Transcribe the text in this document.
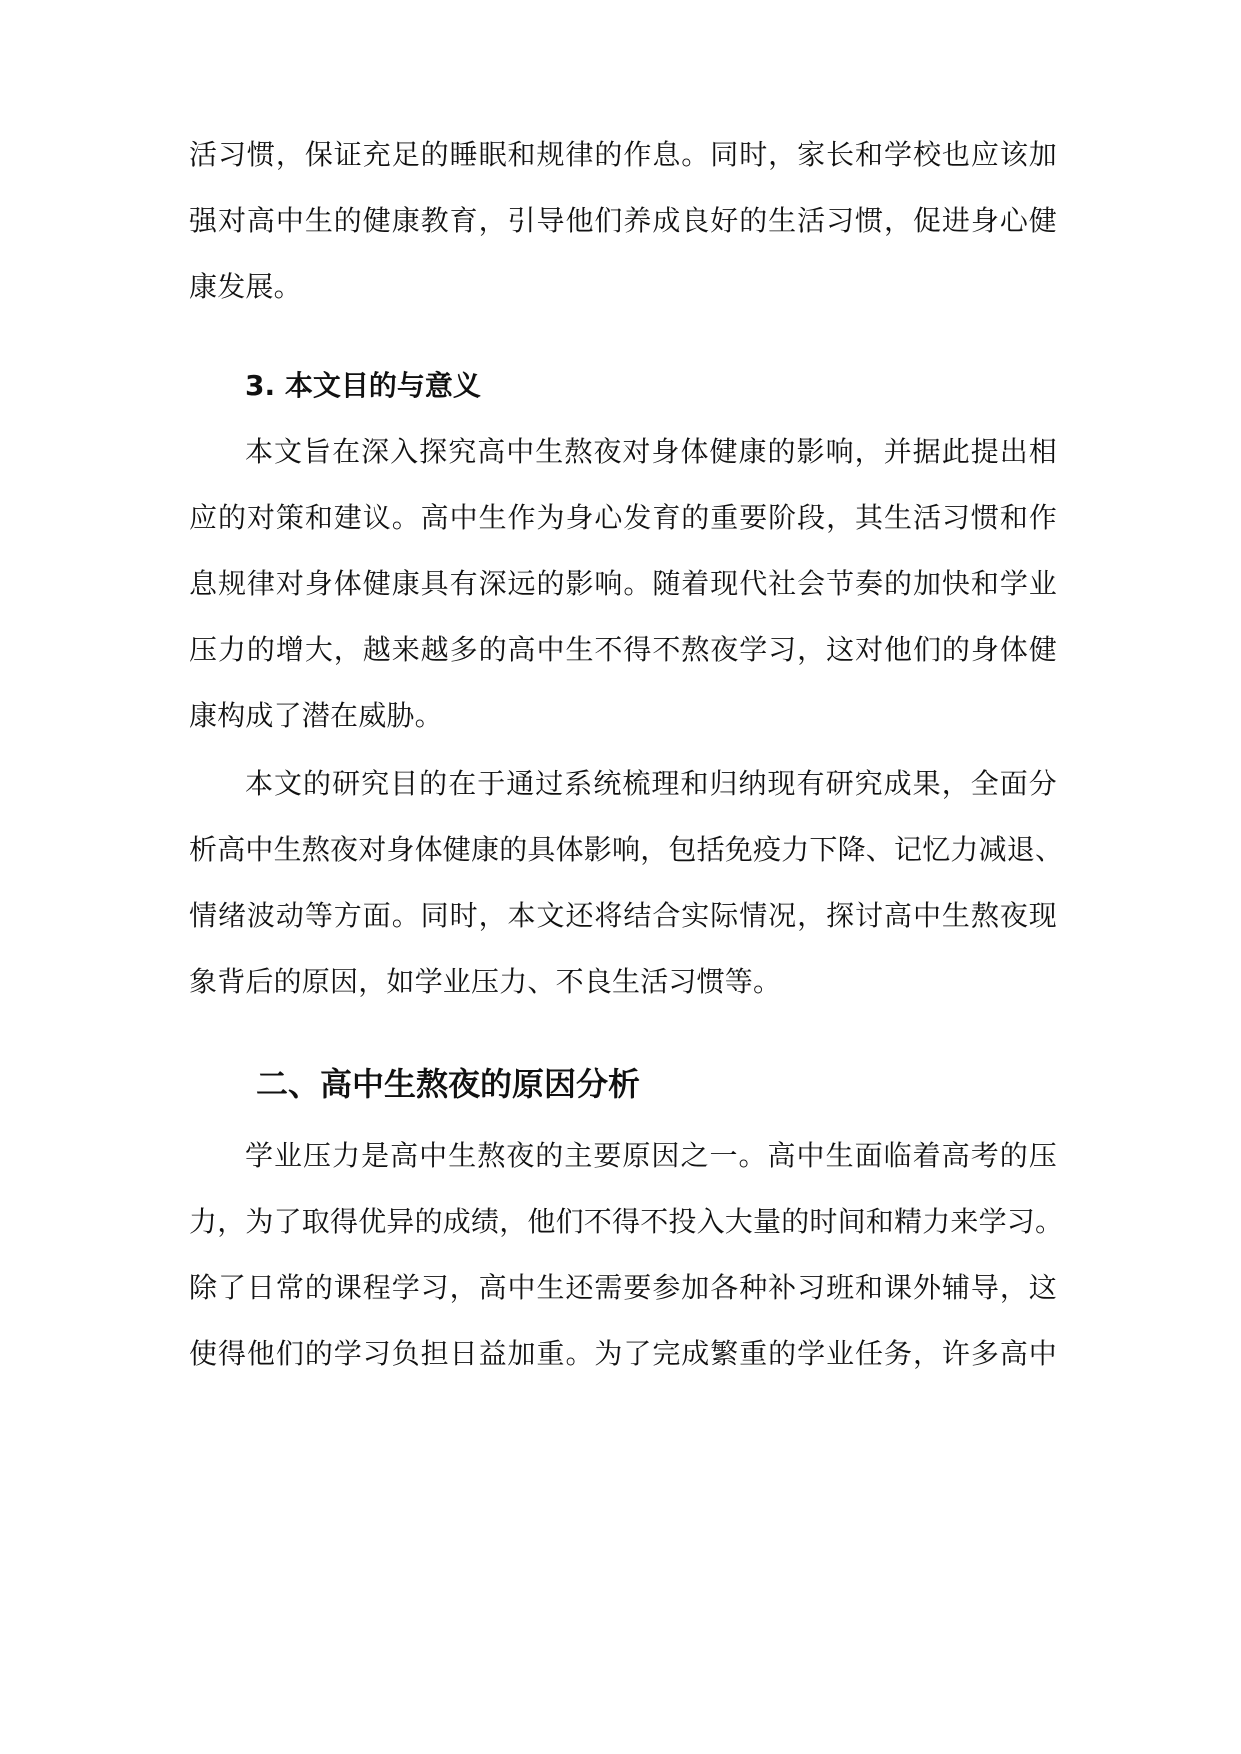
活习惯，保证充足的睡眠和规律的作息。同时，家长和学校也应该加
强对高中生的健康教育，引导他们养成良好的生活习惯，促进身心健
康发展。
3. 本文目的与意义
本文旨在深入探究高中生熬夜对身体健康的影响，并据此提出相
应的对策和建议。高中生作为身心发育的重要阶段，其生活习惯和作
息规律对身体健康具有深远的影响。随着现代社会节奏的加快和学业
压力的增大，越来越多的高中生不得不熬夜学习，这对他们的身体健
康构成了潜在威胁。
本文的研究目的在于通过系统梳理和归纳现有研究成果，全面分
析高中生熬夜对身体健康的具体影响，包括免疫力下降、记忆力减退、
情绪波动等方面。同时，本文还将结合实际情况，探讨高中生熬夜现
象背后的原因，如学业压力、不良生活习惯等。
二、高中生熬夜的原因分析
学业压力是高中生熬夜的主要原因之一。高中生面临着高考的压
力，为了取得优异的成绩，他们不得不投入大量的时间和精力来学习。
除了日常的课程学习，高中生还需要参加各种补习班和课外辅导，这
使得他们的学习负担日益加重。为了完成繁重的学业任务，许多高中
